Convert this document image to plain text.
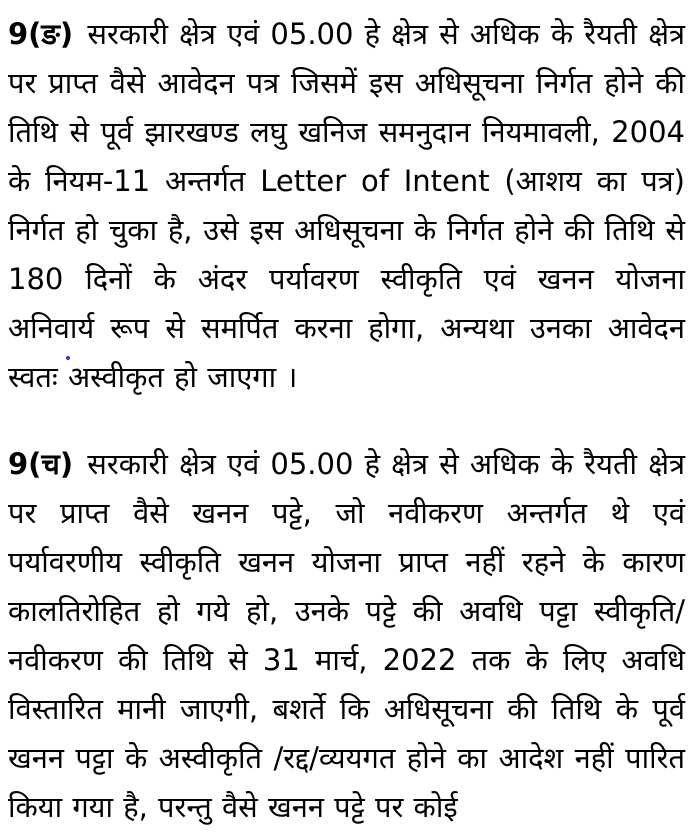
9(ङ) सरकारी क्षेत्र एवं 05.00 हे क्षेत्र से अधिक के रैयती क्षेत्र पर प्राप्त वैसे आवेदन पत्र जिसमें इस अधिसूचना निर्गत होने की तिथि से पूर्व झारखण्ड लघु खनिज समनुदान नियमावली, 2004 के नियम-11 अन्तर्गत Letter of Intent (आशय का पत्र) निर्गत हो चुका है, उसे इस अधिसूचना के निर्गत होने की तिथि से 180 दिनों के अंदर पर्यावरण स्वीकृति एवं खनन योजना अनिवार्य रूप से समर्पित करना होगा, अन्यथा उनका आवेदन स्वतः अस्वीकृत हो जाएगा ।

9(च) सरकारी क्षेत्र एवं 05.00 हे क्षेत्र से अधिक के रैयती क्षेत्र पर प्राप्त वैसे खनन पट्टे, जो नवीकरण अन्तर्गत थे एवं पर्यावरणीय स्वीकृति खनन योजना प्राप्त नहीं रहने के कारण कालतिरोहित हो गये हो, उनके पट्टे की अवधि पट्टा स्वीकृति/नवीकरण की तिथि से 31 मार्च, 2022 तक के लिए अवधि विस्तारित मानी जाएगी, बशर्ते कि अधिसूचना की तिथि के पूर्व खनन पट्टा के अस्वीकृति /रद्द/व्ययगत होने का आदेश नहीं पारित किया गया है, परन्तु वैसे खनन पट्टे पर कोई
